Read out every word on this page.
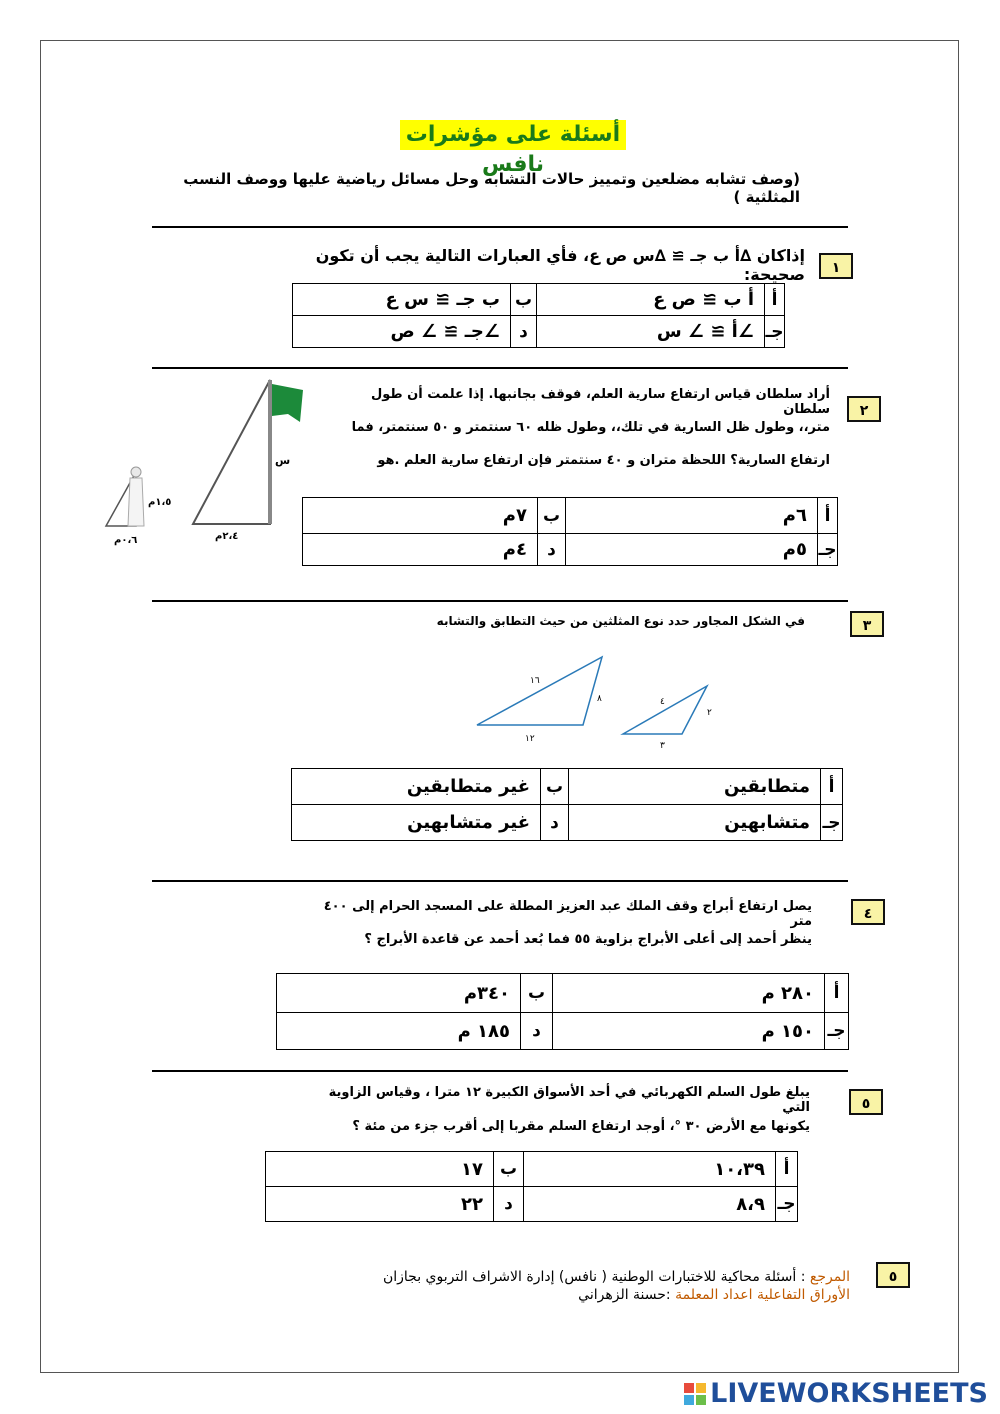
أسئلة على مؤشرات نافس
(وصف تشابه مضلعين وتمييز حالات التشابه وحل مسائل رياضية عليها ووصف النسب المثلثية )
١
إذاكان ∆أ ب جـ ≅ ∆س ص ع، فأي العبارات التالية يجب أن تكون صحيحة:
أ	أ ب ≅ ص ع	ب	ب جـ ≅ س ع
جـ	∠أ ≅ ∠ س	د	∠جـ ≅ ∠ ص
٢
أراد سلطان قياس ارتفاع سارية العلم، فوقف بجانبها. إذا علمت أن طول سلطان
متر،، وطول ظل السارية في تلك،، وطول ظله ٦٠ سنتمتر و ٥٠ سنتمتر، فما
ارتفاع السارية؟ اللحظة متران و ٤٠ سنتمتر فإن ارتفاع سارية العلم .هو
س
٢،٤م
١،٥م
٠،٦م
أ	٦م	ب	٧م
جـ	٥م	د	٤م
٣
في الشكل المجاور حدد نوع المثلثين من حيث التطابق والتشابه
١٦
٨
١٢
٤
٢
٣
أ	متطابقين	ب	غير متطابقين
جـ	متشابهين	د	غير متشابهين
٤
يصل ارتفاع أبراج وقف الملك عبد العزيز المطلة على المسجد الحرام إلى ٤٠٠ متر
ينظر أحمد إلى أعلى الأبراج بزاوية ٥٥ فما بُعد أحمد عن قاعدة الأبراج ؟
أ	٢٨٠ م	ب	٣٤٠م
جـ	١٥٠ م	د	١٨٥ م
٥
يبلغ طول السلم الكهربائي في أحد الأسواق الكبيرة ١٢ مترا ، وقياس الزاوية التي
يكونها مع الأرض ٣٠ °، أوجد ارتفاع السلم مقربا إلى أقرب جزء من مئة ؟
أ	١٠،٣٩	ب	١٧
جـ	٨،٩	د	٢٢
٥
المرجع : أسئلة محاكية للاختبارات الوطنية ( نافس) إدارة الاشراف التربوي بجازان
الأوراق التفاعلية اعداد المعلمة :حسنة الزهراني
LIVEWORKSHEETS
